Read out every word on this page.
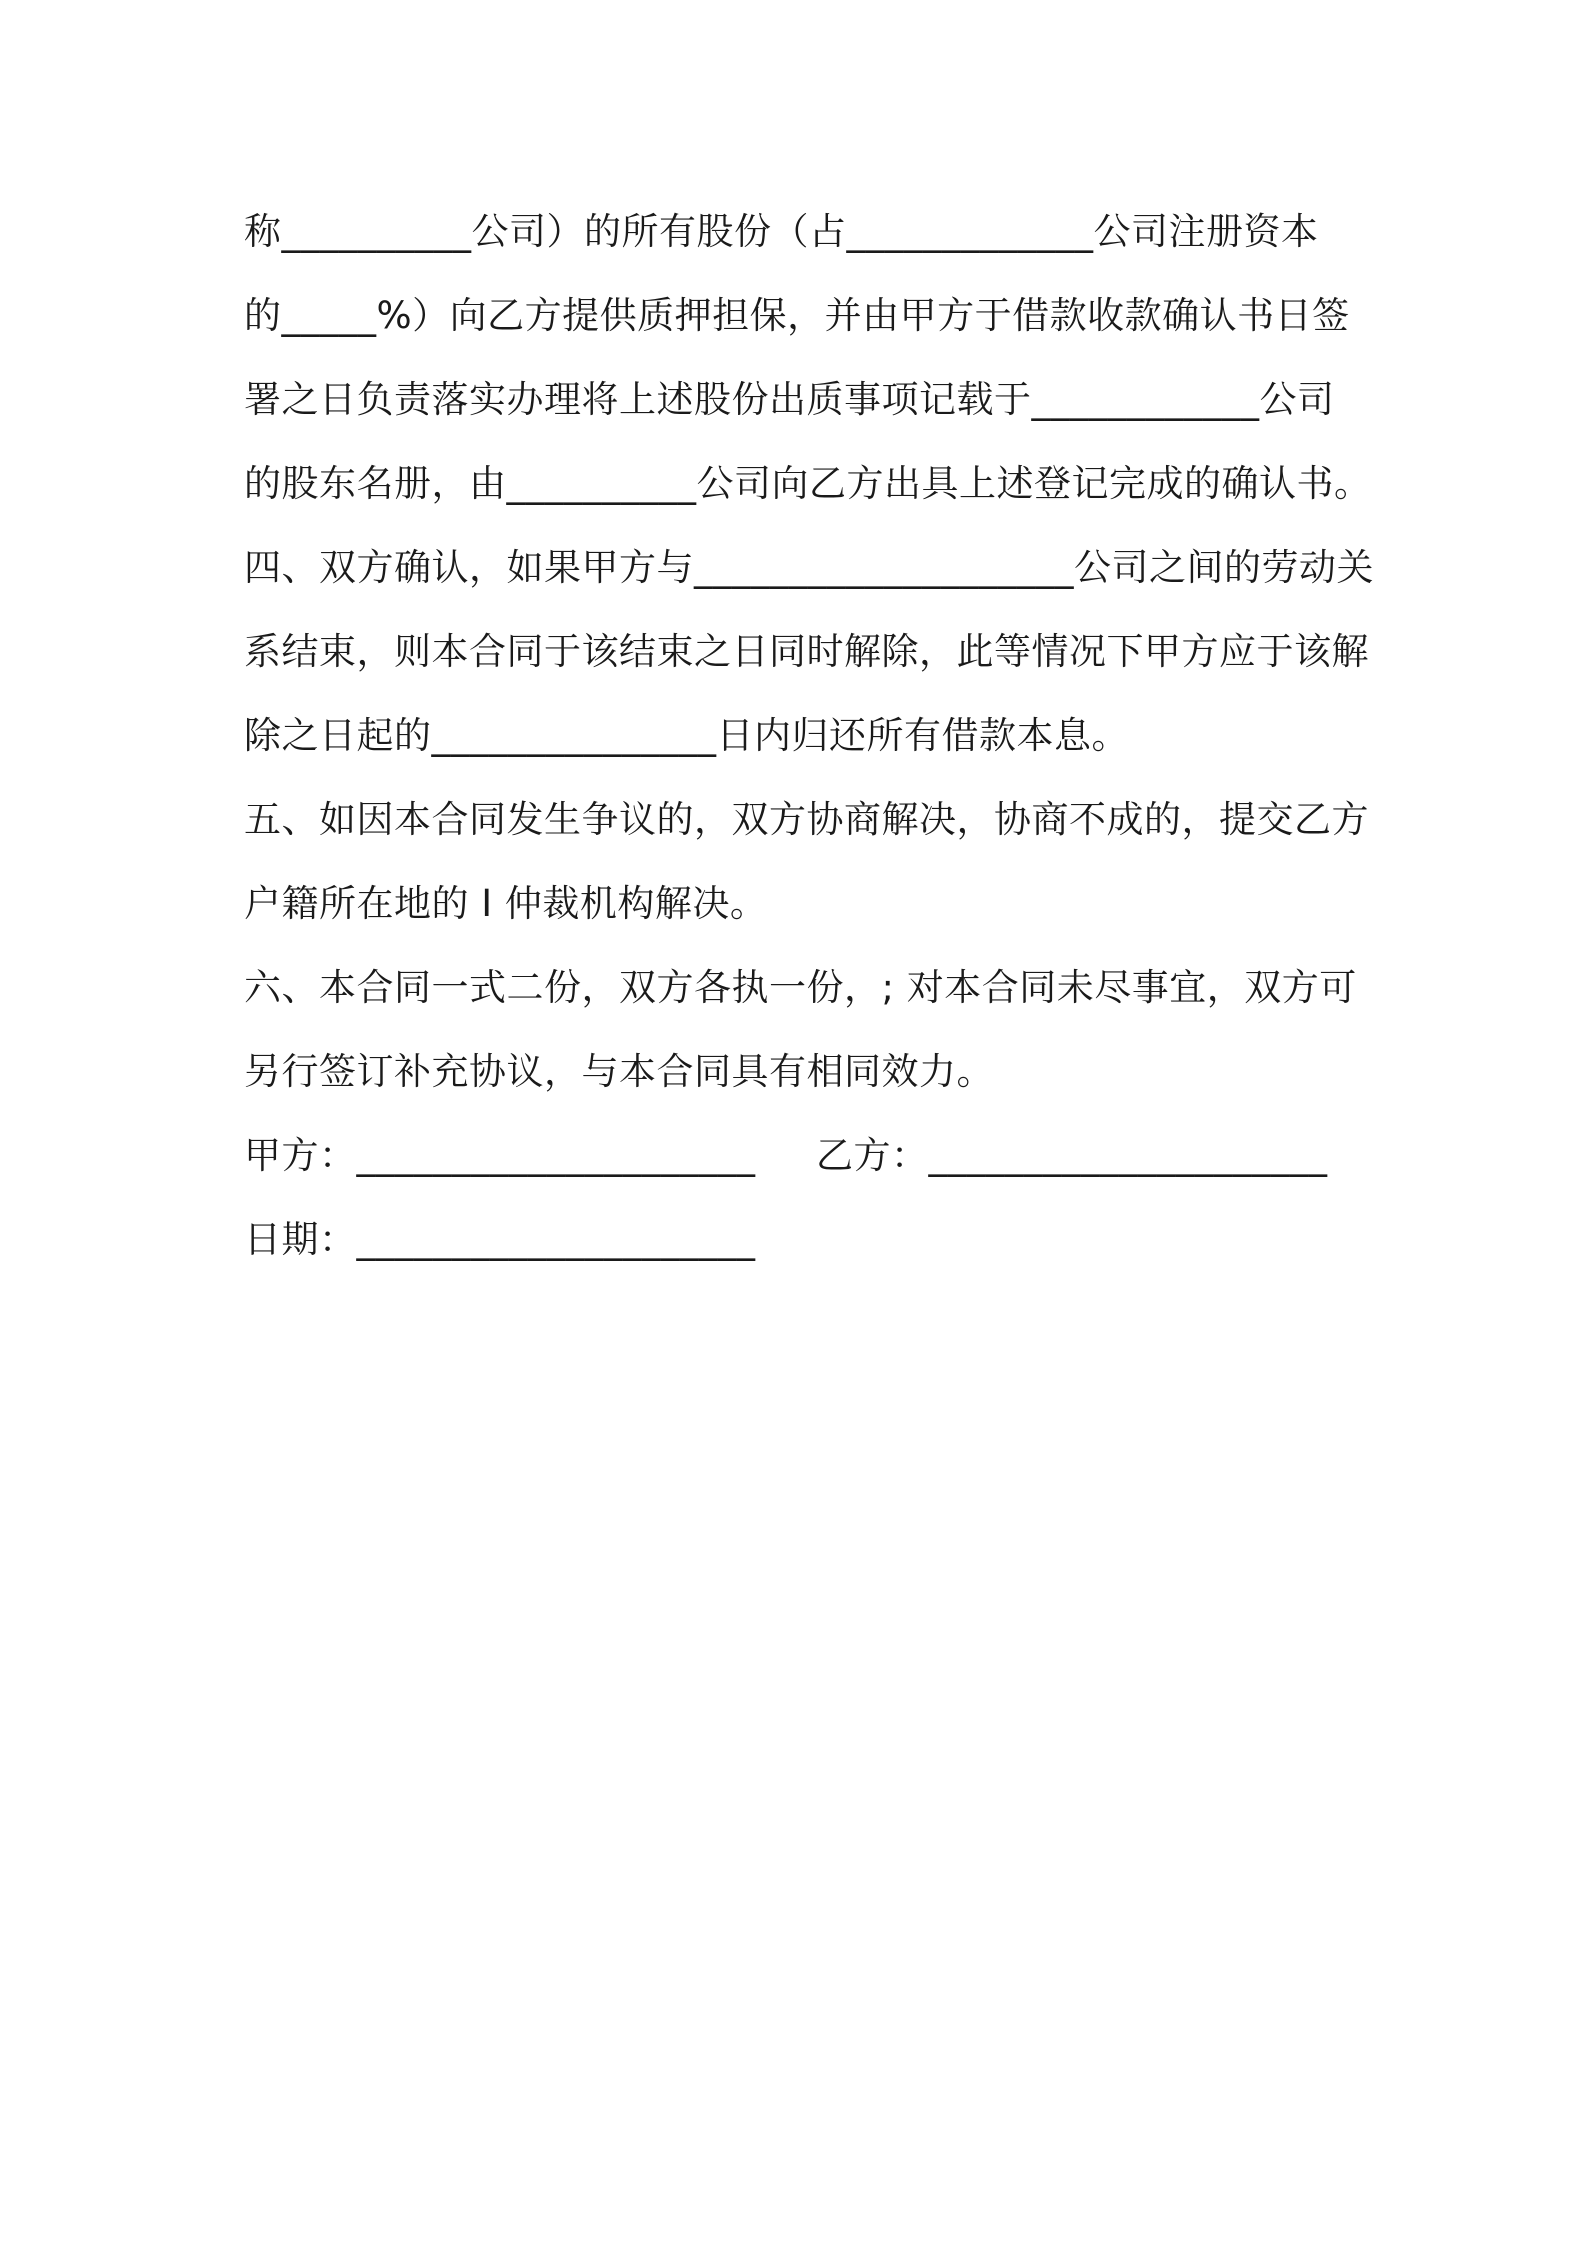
称__________公司）的所有股份（占_____________公司注册资本
的_____%）向乙方提供质押担保，并由甲方于借款收款确认书日签
署之日负责落实办理将上述股份出质事项记载于____________公司
的股东名册，由__________公司向乙方出具上述登记完成的确认书。
四、双方确认，如果甲方与____________________公司之间的劳动关
系结束，则本合同于该结束之日同时解除，此等情况下甲方应于该解
除之日起的_______________日内归还所有借款本息。
五、如因本合同发生争议的，双方协商解决，协商不成的，提交乙方
户籍所在地的 I 仲裁机构解决。
六、本合同一式二份，双方各执一份，; 对本合同未尽事宜，双方可
另行签订补充协议，与本合同具有相同效力。
甲方：_____________________ 乙方：_____________________
日期：_____________________
